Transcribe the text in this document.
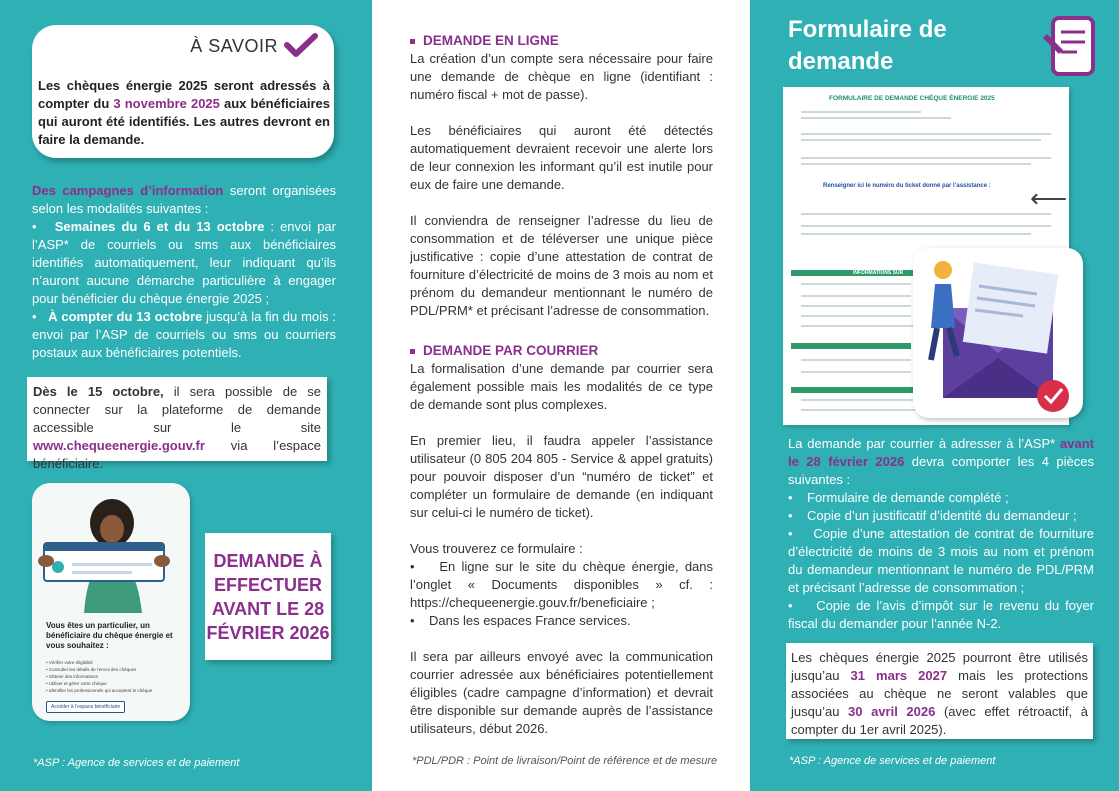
À SAVOIR
Les chèques énergie 2025 seront adressés à compter du 3 novembre 2025 aux bénéficiaires qui auront été identifiés. Les autres devront en faire la demande.

Des campagnes d’information seront organisées selon les modalités suivantes :

•   Semaines du 6 et du 13 octobre : envoi par l’ASP* de courriels ou sms aux bénéficiaires identifiés automatiquement, leur indiquant qu’ils n’auront aucune démarche particulière à engager pour bénéficier du chèque énergie 2025 ;

•   À compter du 13 octobre jusqu’à la fin du mois : envoi par l’ASP de courriels ou sms ou courriers postaux aux bénéficiaires potentiels.

Dès le 15 octobre, il sera possible de se connecter sur la plateforme de demande accessible sur le site www.chequeenergie.gouv.fr via l’espace bénéficiaire.
chèque énergie
Vous êtes un particulier, un bénéficiaire du chèque énergie et vous souhaitez :
• Vérifier votre éligibilité
• Consulter les détails de l’envoi des chèques
• Obtenir des informations
• Utiliser et gérer votre chèque
• Identifier les professionnels qui acceptent le chèque
Accéder à l’espace bénéficiaire
DEMANDE À EFFECTUER AVANT LE 28 FÉVRIER 2026
*ASP : Agence de services et de paiement
DEMANDE EN LIGNE

La création d’un compte sera nécessaire pour faire une demande de chèque en ligne (identifiant : numéro fiscal + mot de passe).

Les bénéficiaires qui auront été détectés automatiquement devraient recevoir une alerte lors de leur connexion les informant qu’il est inutile pour eux de faire une demande.

Il conviendra de renseigner l’adresse du lieu de consommation et de téléverser une unique pièce justificative : copie d’une attestation de contrat de fourniture d’électricité de moins de 3 mois au nom et prénom du demandeur mentionnant le numéro de PDL/PRM* et précisant l’adresse de consommation.

DEMANDE PAR COURRIER

La formalisation d’une demande par courrier sera également possible mais les modalités de ce type de demande sont plus complexes.

En premier lieu, il faudra appeler l’assistance utilisateur (0 805 204 805 - Service & appel gratuits) pour pouvoir disposer d’un “numéro de ticket” et compléter un formulaire de demande (en indiquant sur celui-ci le numéro de ticket).

Vous trouverez ce formulaire :

•    En ligne sur le site du chèque énergie, dans l’onglet « Documents disponibles » cf. : https://chequeenergie.gouv.fr/beneficiaire ;

•    Dans les espaces France services.

Il sera par ailleurs envoyé avec la communication courrier adressée aux bénéficiaires potentiellement éligibles (cadre campagne d’information) et devrait être disponible sur demande auprès de l’assistance utilisateurs, début 2026.

*PDL/PDR : Point de livraison/Point de référence et de mesure
Formulaire de
demande
FORMULAIRE DE DEMANDE CHÈQUE ÉNERGIE 2025
Renseigner ici le numéro du ticket donné par l’assistance :
INFORMATIONS SUR
⟵

La demande par courrier à adresser à l’ASP* avant le 28 février 2026 devra comporter les 4 pièces suivantes :

•    Formulaire de demande complété ;

•    Copie d’un justificatif d’identité du demandeur ;

•    Copie d’une attestation de contrat de fourniture d’électricité de moins de 3 mois au nom et prénom du demandeur mentionnant le numéro de PDL/PRM et précisant l’adresse de consommation ;

•    Copie de l’avis d’impôt sur le revenu du foyer fiscal du demander pour l’année N-2.

Les chèques énergie 2025 pourront être utilisés jusqu’au 31 mars 2027 mais les protections associées au chèque ne seront valables que jusqu’au 30 avril 2026 (avec effet rétroactif, à compter du 1er avril 2025).
*ASP : Agence de services et de paiement
